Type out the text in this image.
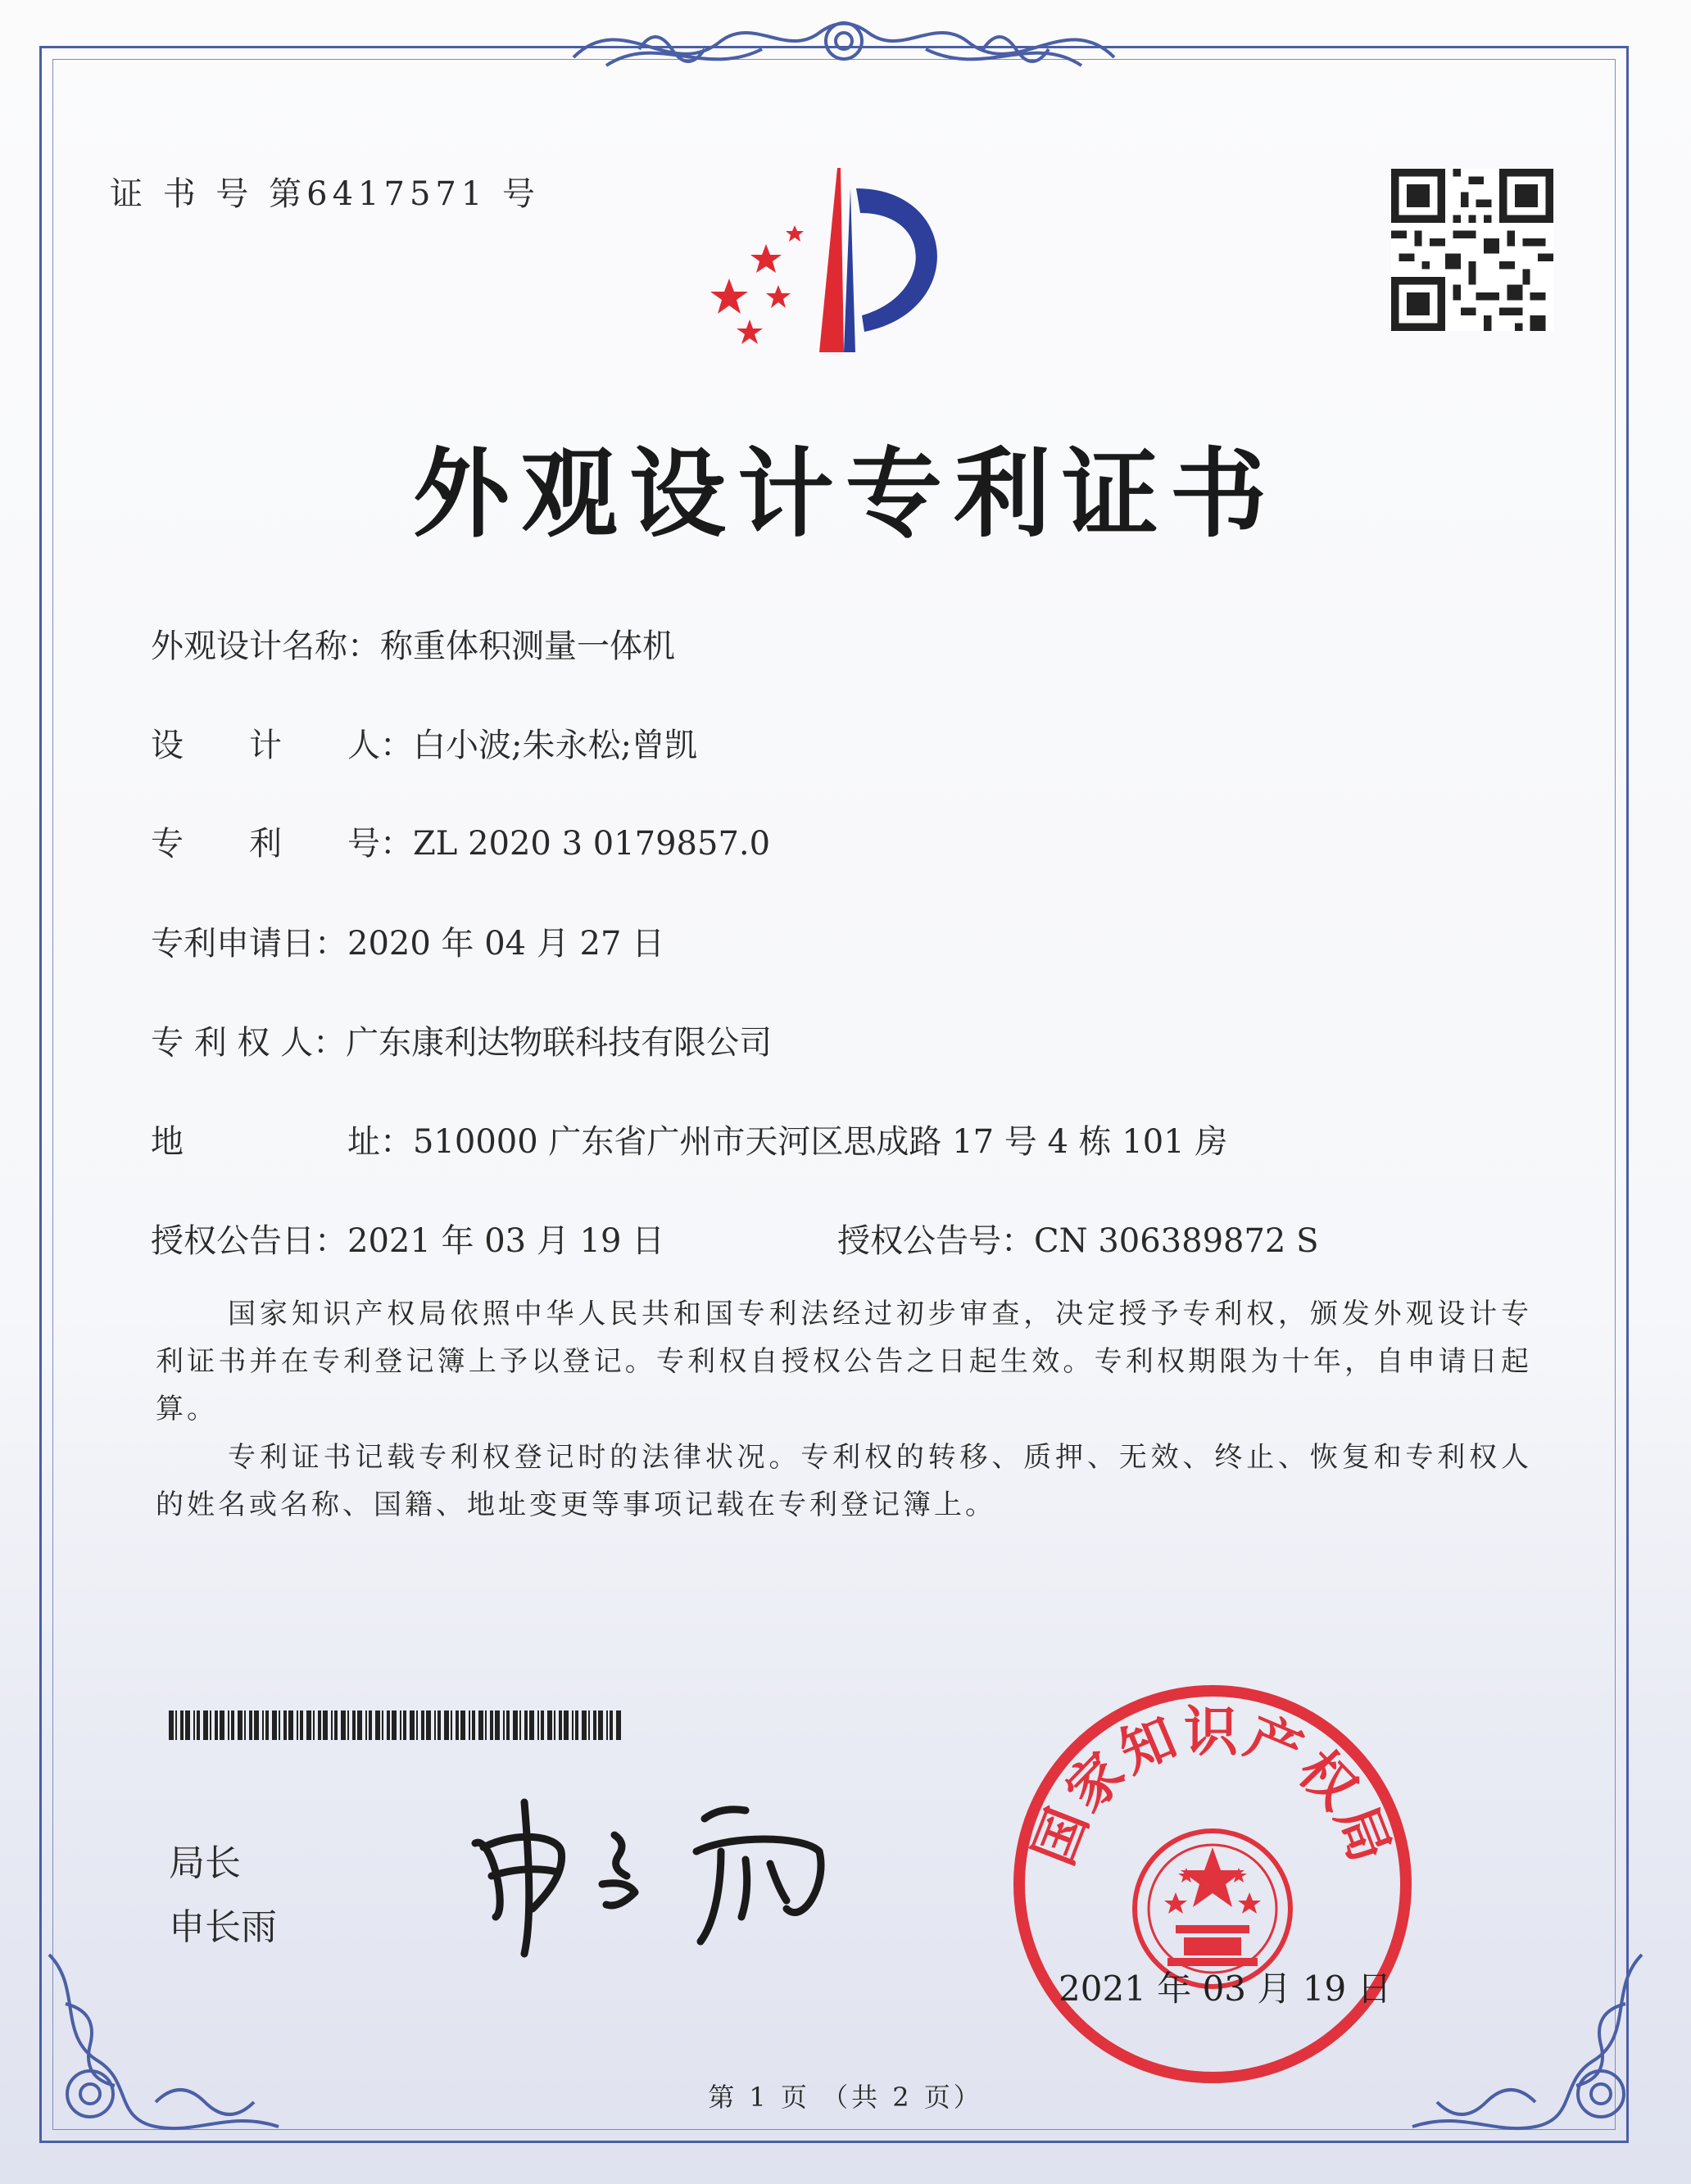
证 书 号 第6417571 号
外观设计专利证书
外观设计名称：称重体积测量一体机
设　　计　　人：白小波;朱永松;曾凯
专　　利　　号：ZL 2020 3 0179857.0
专利申请日：2020 年 04 月 27 日
专 利 权 人：广东康利达物联科技有限公司
地　　　　　址：510000 广东省广州市天河区思成路 17 号 4 栋 101 房
授权公告日：2021 年 03 月 19 日	授权公告号：CN 306389872 S
国家知识产权局依照中华人民共和国专利法经过初步审查，决定授予专利权，颁发外观设计专利证书并在专利登记簿上予以登记。专利权自授权公告之日起生效。专利权期限为十年，自申请日起算。
专利证书记载专利权登记时的法律状况。专利权的转移、质押、无效、终止、恢复和专利权人的姓名或名称、国籍、地址变更等事项记载在专利登记簿上。
局长
申长雨
国家知识产权局
2021 年 03 月 19 日
第 1 页 （共 2 页）
